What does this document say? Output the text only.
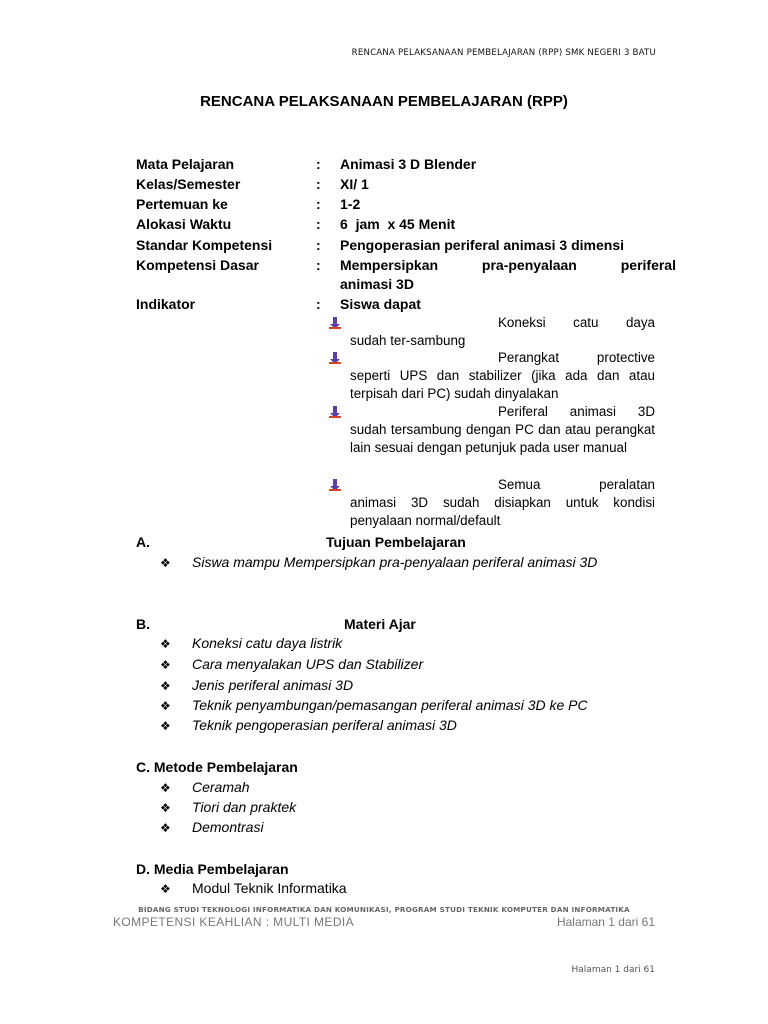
RENCANA PELAKSANAAN PEMBELAJARAN (RPP) SMK NEGERI 3 BATU
RENCANA PELAKSANAAN PEMBELAJARAN (RPP)
Mata Pelajaran	: Animasi 3 D Blender
Kelas/Semester	: XI/ 1
Pertemuan ke	: 1-2
Alokasi Waktu	: 6  jam  x 45 Menit
Standar Kompetensi	: Pengoperasian periferal animasi 3 dimensi
Kompetensi Dasar	: Mempersipkan pra-penyalaan periferal
animasi 3D
Indikator	: Siswa dapat
Koneksi catu daya
sudah ter-sambung
Perangkat protective
seperti UPS dan stabilizer (jika ada dan atau terpisah dari PC) sudah dinyalakan
Periferal animasi 3D
sudah tersambung dengan PC dan atau perangkat lain sesuai dengan petunjuk pada user manual
Semua peralatan
animasi 3D sudah disiapkan untuk kondisi penyalaan normal/default
A.	Tujuan Pembelajaran
❖ Siswa mampu Mempersipkan pra-penyalaan periferal animasi 3D
B.	Materi Ajar
❖ Koneksi catu daya listrik
❖ Cara menyalakan UPS dan Stabilizer
❖ Jenis periferal animasi 3D
❖ Teknik penyambungan/pemasangan periferal animasi 3D ke PC
❖ Teknik pengoperasian periferal animasi 3D
C. Metode Pembelajaran
❖ Ceramah
❖ Tiori dan praktek
❖ Demontrasi
D. Media Pembelajaran
❖ Modul Teknik Informatika
BIDANG STUDI TEKNOLOGI INFORMATIKA DAN KOMUNIKASI, PROGRAM STUDI TEKNIK KOMPUTER DAN INFORMATIKA
KOMPETENSI KEAHLIAN : MULTI MEDIA	Halaman 1 dari 61
Halaman 1 dari 61
